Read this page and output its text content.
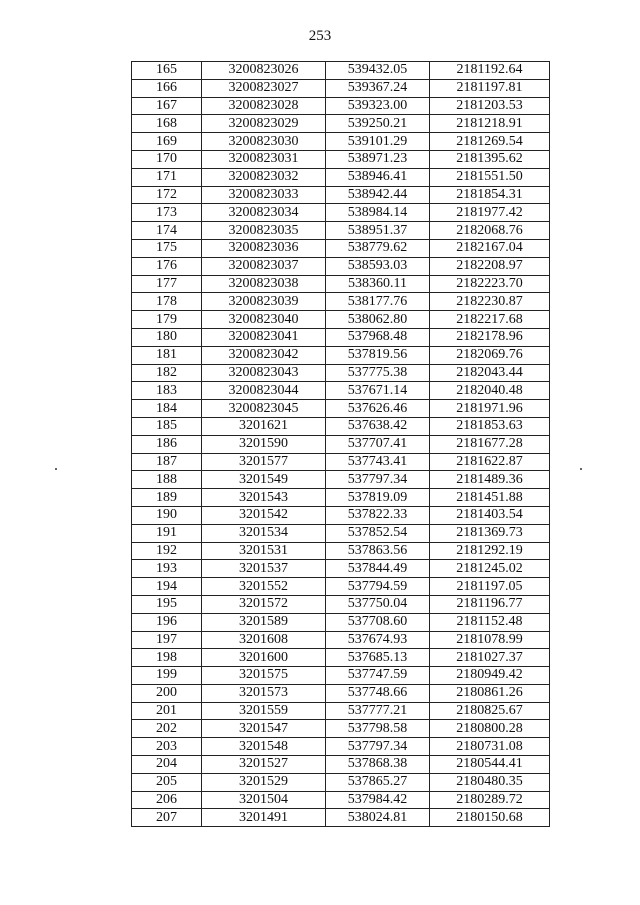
253
165	3200823026	539432.05	2181192.64
166	3200823027	539367.24	2181197.81
167	3200823028	539323.00	2181203.53
168	3200823029	539250.21	2181218.91
169	3200823030	539101.29	2181269.54
170	3200823031	538971.23	2181395.62
171	3200823032	538946.41	2181551.50
172	3200823033	538942.44	2181854.31
173	3200823034	538984.14	2181977.42
174	3200823035	538951.37	2182068.76
175	3200823036	538779.62	2182167.04
176	3200823037	538593.03	2182208.97
177	3200823038	538360.11	2182223.70
178	3200823039	538177.76	2182230.87
179	3200823040	538062.80	2182217.68
180	3200823041	537968.48	2182178.96
181	3200823042	537819.56	2182069.76
182	3200823043	537775.38	2182043.44
183	3200823044	537671.14	2182040.48
184	3200823045	537626.46	2181971.96
185	3201621	537638.42	2181853.63
186	3201590	537707.41	2181677.28
187	3201577	537743.41	2181622.87
188	3201549	537797.34	2181489.36
189	3201543	537819.09	2181451.88
190	3201542	537822.33	2181403.54
191	3201534	537852.54	2181369.73
192	3201531	537863.56	2181292.19
193	3201537	537844.49	2181245.02
194	3201552	537794.59	2181197.05
195	3201572	537750.04	2181196.77
196	3201589	537708.60	2181152.48
197	3201608	537674.93	2181078.99
198	3201600	537685.13	2181027.37
199	3201575	537747.59	2180949.42
200	3201573	537748.66	2180861.26
201	3201559	537777.21	2180825.67
202	3201547	537798.58	2180800.28
203	3201548	537797.34	2180731.08
204	3201527	537868.38	2180544.41
205	3201529	537865.27	2180480.35
206	3201504	537984.42	2180289.72
207	3201491	538024.81	2180150.68
